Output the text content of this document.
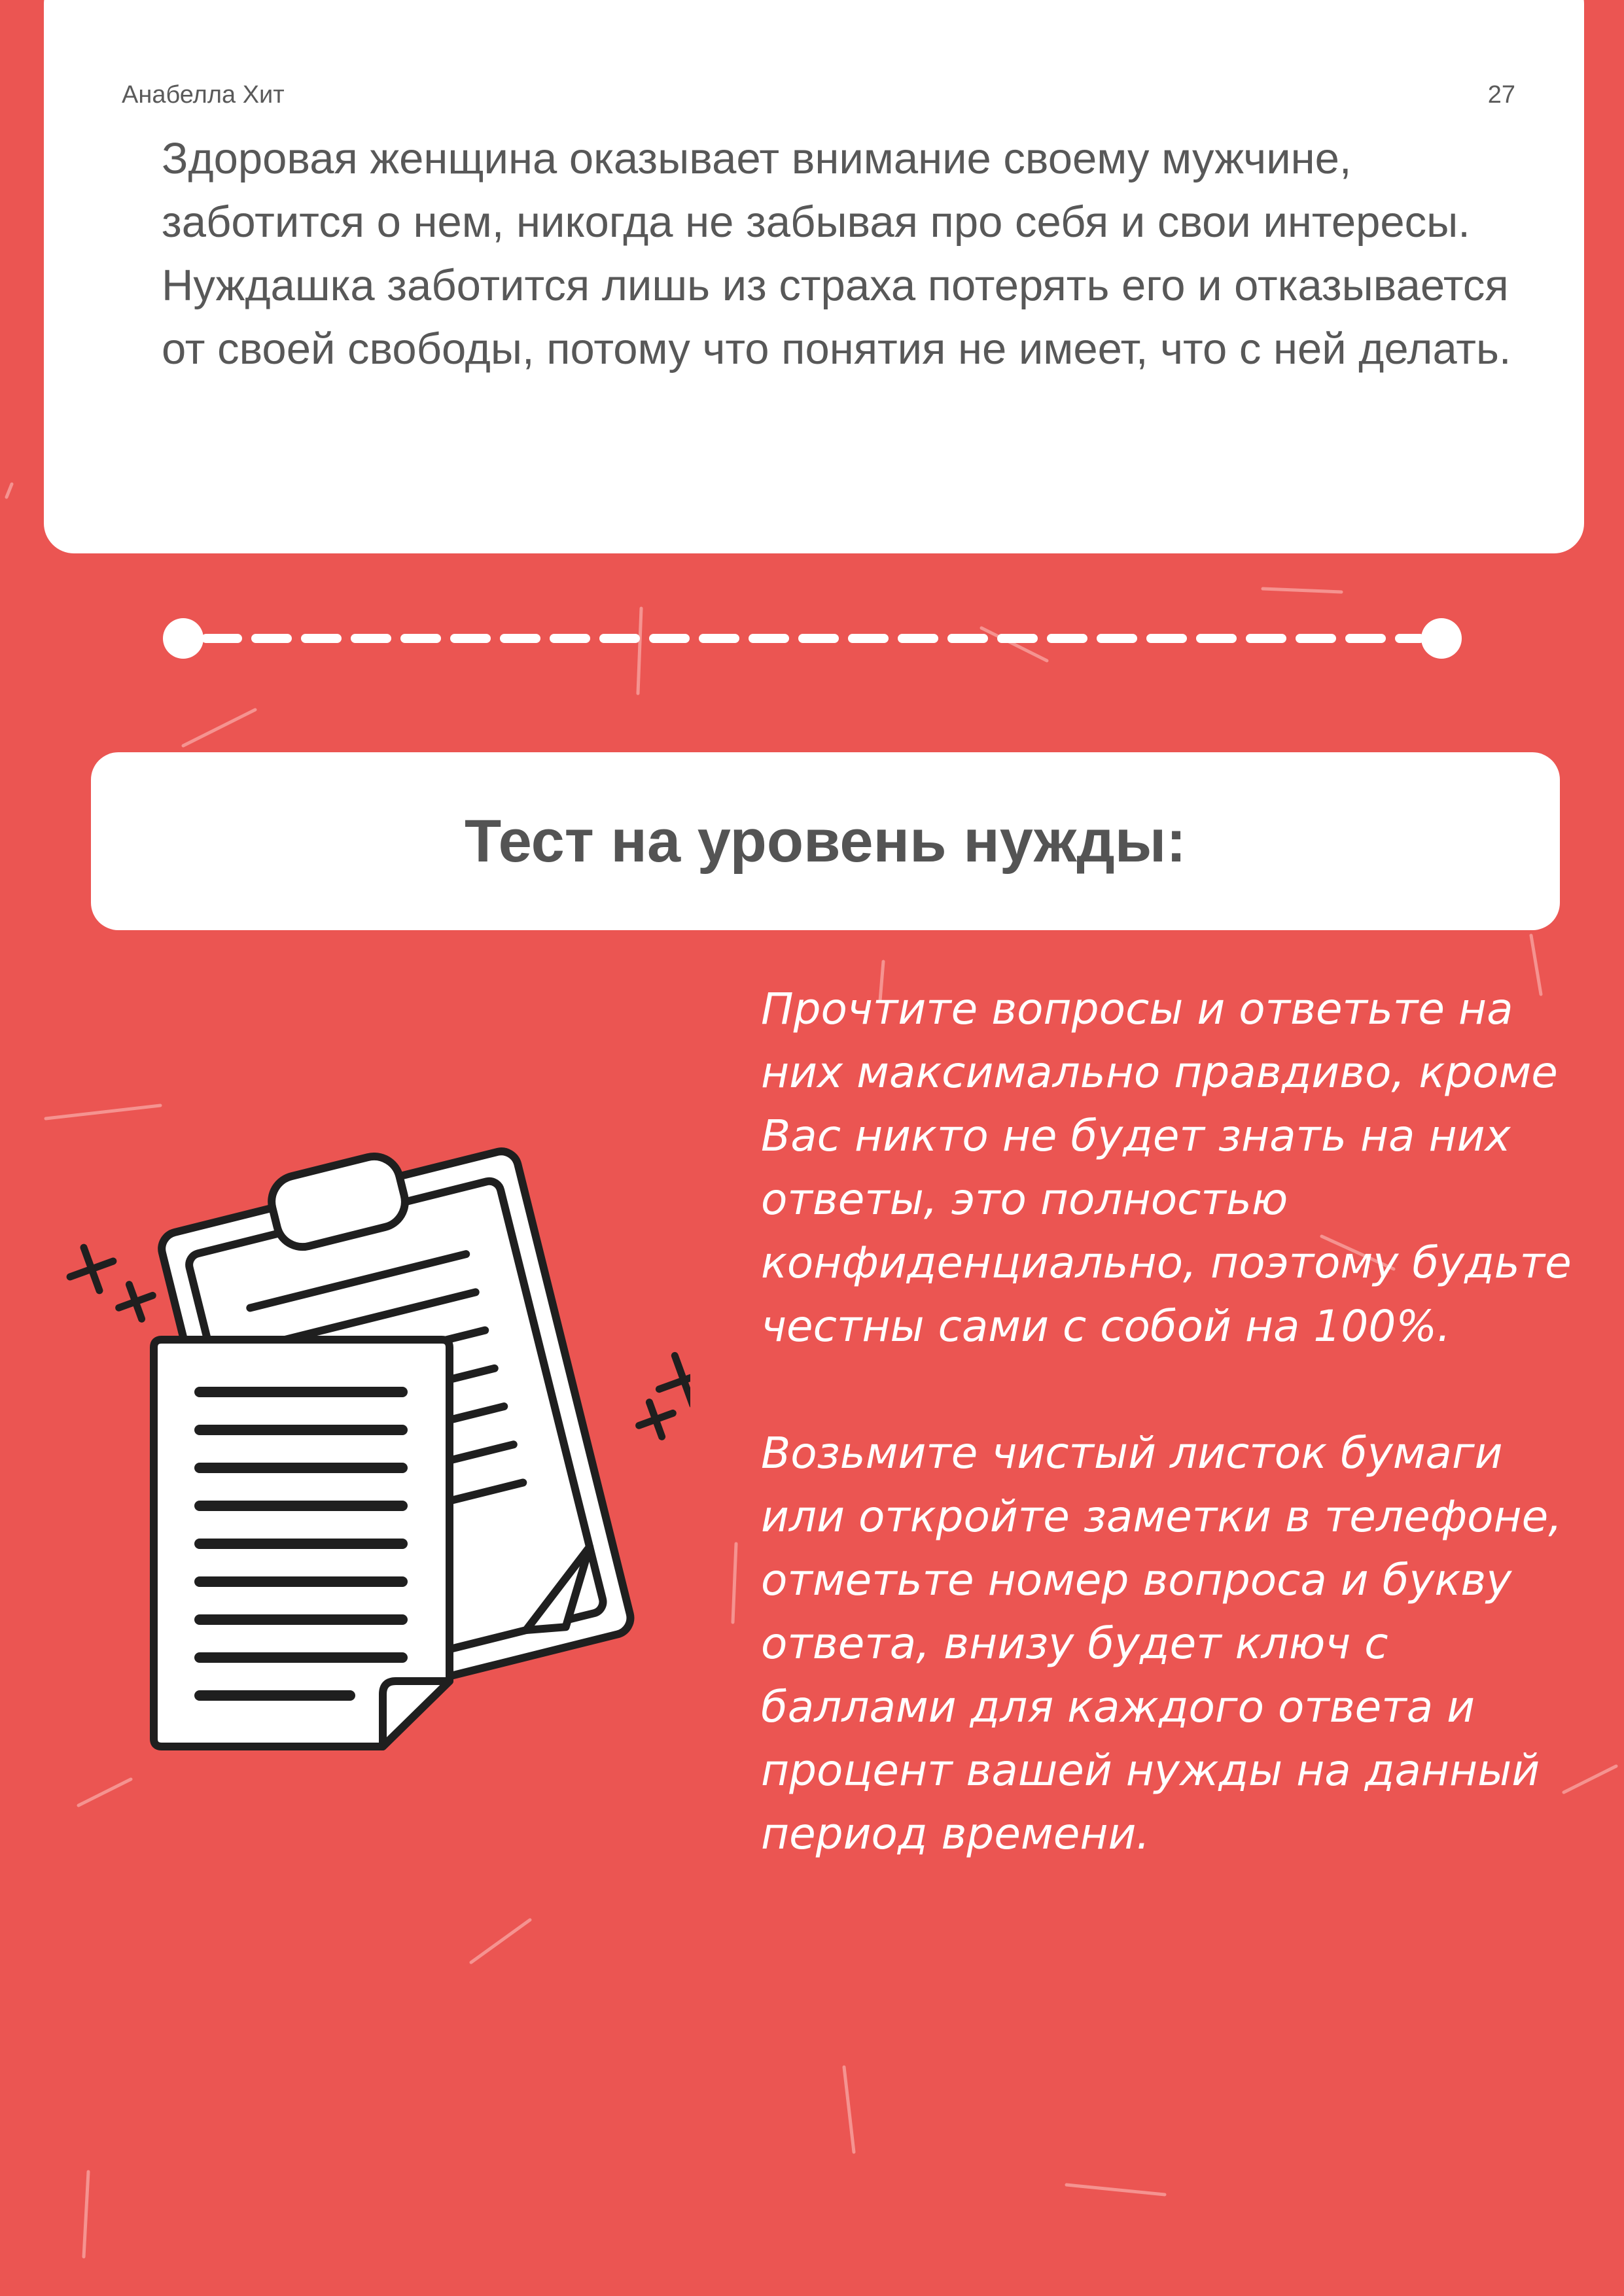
Анабелла Хит	27

Здоровая женщина оказывает внимание своему мужчине, заботится о нем, никогда не забывая про себя и свои интересы. Нуждашка заботится лишь из страха потерять его и отказывается от своей свободы, потому что понятия не имеет, что с ней делать.

Тест на уровень нужды:

Прочтите вопросы и ответьте на них максимально правдиво, кроме Вас никто не будет знать на них ответы, это полностью конфиденциально, поэтому будьте честны сами с собой на 100%.

Возьмите чистый листок бумаги или откройте заметки в телефоне, отметьте номер вопроса и букву ответа, внизу будет ключ с баллами для каждого ответа и процент вашей нужды на данный период времени.
